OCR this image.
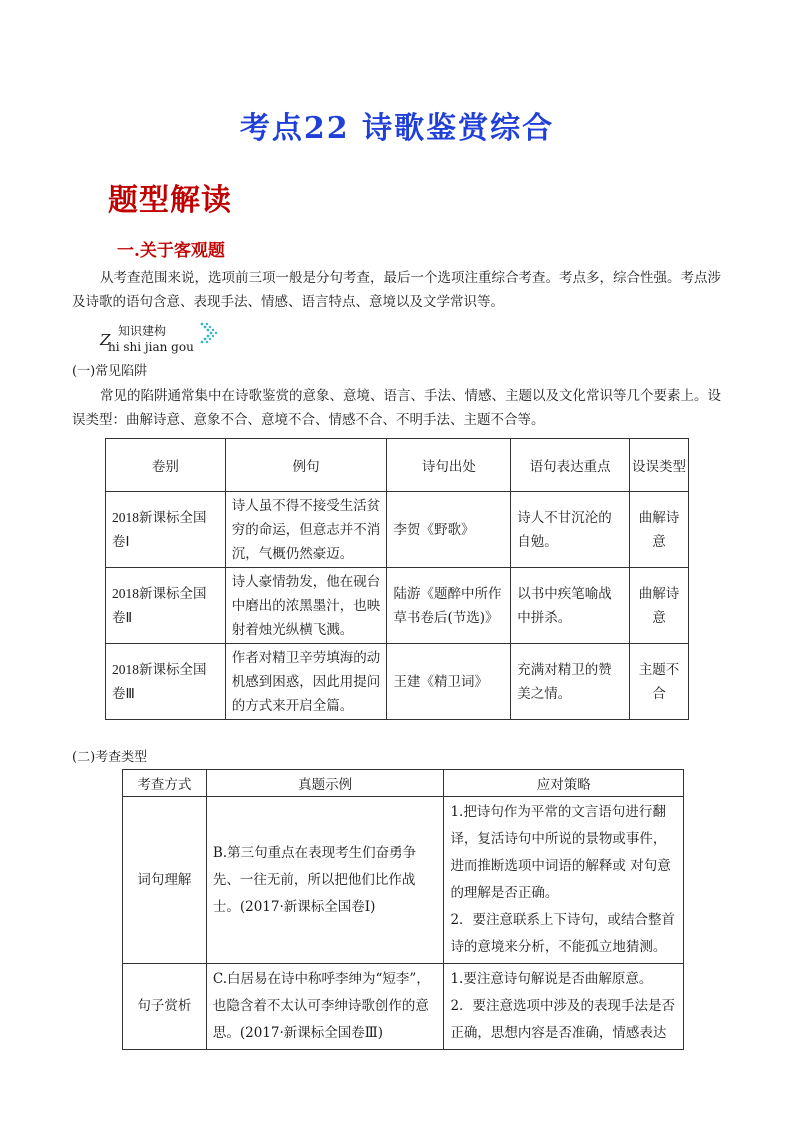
考点22 诗歌鉴赏综合
题型解读
一.关于客观题
从考查范围来说，选项前三项一般是分句考查，最后一个选项注重综合考查。考点多，综合性强。考点涉及诗歌的语句含意、表现手法、情感、语言特点、意境以及文学常识等。
Z 知识建构
hi shi jian gou
(一)常见陷阱
常见的陷阱通常集中在诗歌鉴赏的意象、意境、语言、手法、情感、主题以及文化常识等几个要素上。设误类型：曲解诗意、意象不合、意境不合、情感不合、不明手法、主题不合等。
卷别	例句	诗句出处	语句表达重点	设误类型
2018新课标全国卷Ⅰ	诗人虽不得不接受生活贫穷的命运，但意志并不消沉，气概仍然豪迈。	李贺《野歌》	诗人不甘沉沦的自勉。	曲解诗意
2018新课标全国卷Ⅱ	诗人豪情勃发，他在砚台中磨出的浓黑墨汁，也映射着烛光纵横飞溅。	陆游《题醉中所作草书卷后(节选)》	以书中疾笔喻战中拼杀。	曲解诗意
2018新课标全国卷Ⅲ	作者对精卫辛劳填海的动机感到困惑，因此用提问的方式来开启全篇。	王建《精卫词》	充满对精卫的赞美之情。	主题不合
(二)考查类型
考查方式	真题示例	应对策略
词句理解	B.第三句重点在表现考生们奋勇争先、一往无前，所以把他们比作战士。(2017·新课标全国卷Ⅰ)	1.把诗句作为平常的文言语句进行翻译，复活诗句中所说的景物或事件，进而推断选项中词语的解释或 对句意的理解是否正确。
2．要注意联系上下诗句，或结合整首诗的意境来分析，不能孤立地猜测。

句子赏析	C.白居易在诗中称呼李绅为“短李”，也隐含着不太认可李绅诗歌创作的意思。(2017·新课标全国卷Ⅲ)	1.要注意诗句解说是否曲解原意。
2．要注意选项中涉及的表现手法是否正确，思想内容是否准确，情感表达
